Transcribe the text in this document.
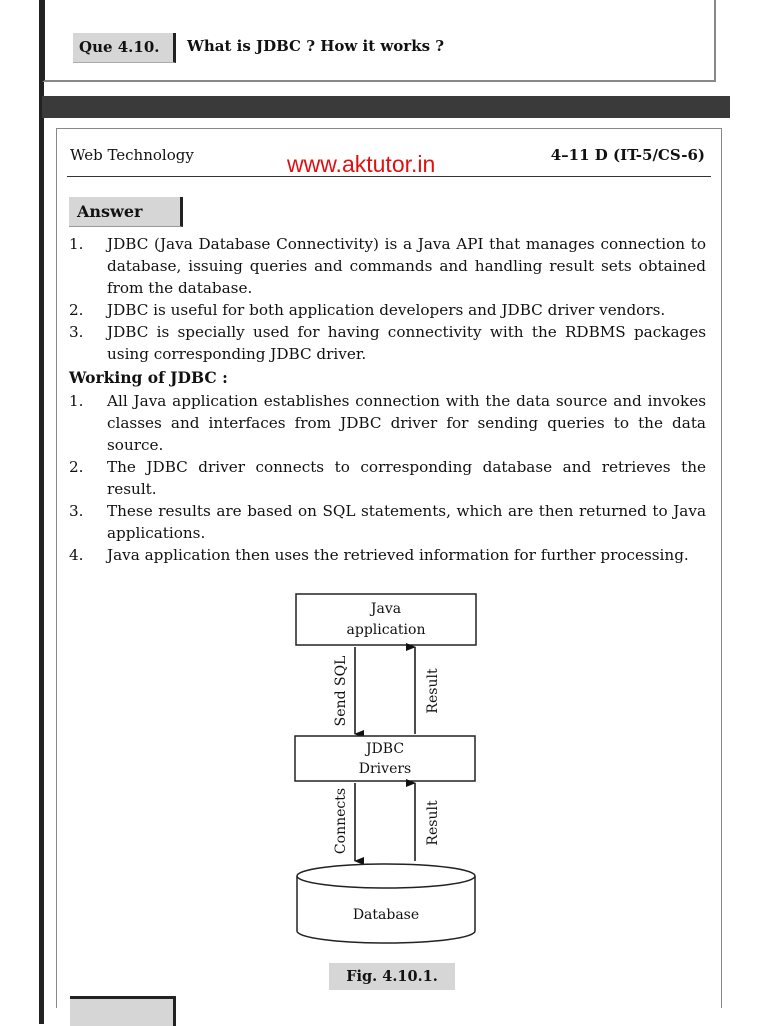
Que 4.10.	What is JDBC ? How it works ?
Web Technology	www.aktutor.in	4–11 D (IT-5/CS-6)
Answer
1. JDBC (Java Database Connectivity) is a Java API that manages connection to database, issuing queries and commands and handling result sets obtained from the database.
2. JDBC is useful for both application developers and JDBC driver vendors.
3. JDBC is specially used for having connectivity with the RDBMS packages using corresponding JDBC driver.
Working of JDBC :
1. All Java application establishes connection with the data source and invokes classes and interfaces from JDBC driver for sending queries to the data source.
2. The JDBC driver connects to corresponding database and retrieves the result.
3. These results are based on SQL statements, which are then returned to Java applications.
4. Java application then uses the retrieved information for further processing.
Java
application
Send SQL	Result
JDBC
Drivers
Connects	Result
Database
Fig. 4.10.1.
